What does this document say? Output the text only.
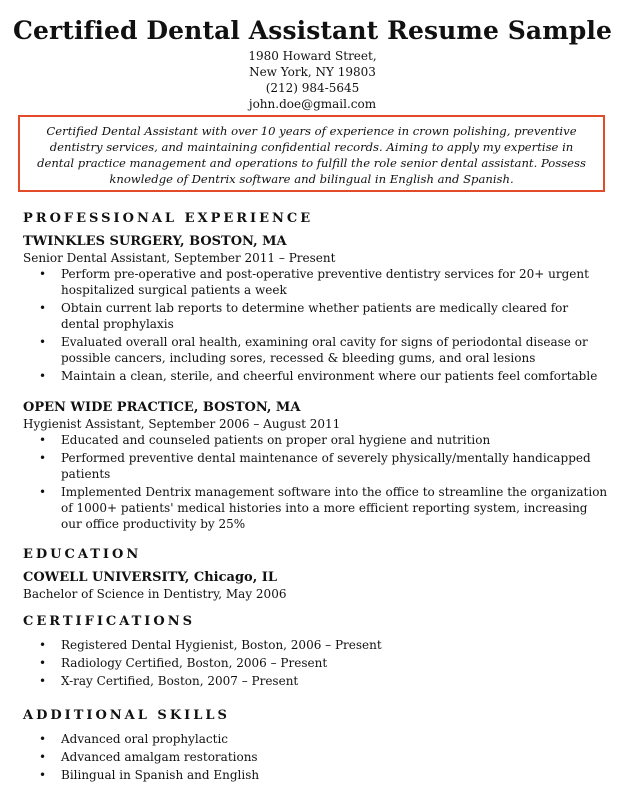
Certified Dental Assistant Resume Sample
1980 Howard Street,
New York, NY 19803
(212) 984-5645
john.doe@gmail.com
Certified Dental Assistant with over 10 years of experience in crown polishing, preventive dentistry services, and maintaining confidential records. Aiming to apply my expertise in dental practice management and operations to fulfill the role senior dental assistant. Possess knowledge of Dentrix software and bilingual in English and Spanish.
PROFESSIONAL EXPERIENCE
TWINKLES SURGERY, BOSTON, MA
Senior Dental Assistant, September 2011 – Present
• Perform pre-operative and post-operative preventive dentistry services for 20+ urgent hospitalized surgical patients a week
• Obtain current lab reports to determine whether patients are medically cleared for dental prophylaxis
• Evaluated overall oral health, examining oral cavity for signs of periodontal disease or possible cancers, including sores, recessed & bleeding gums, and oral lesions
• Maintain a clean, sterile, and cheerful environment where our patients feel comfortable
OPEN WIDE PRACTICE, BOSTON, MA
Hygienist Assistant, September 2006 – August 2011
• Educated and counseled patients on proper oral hygiene and nutrition
• Performed preventive dental maintenance of severely physically/mentally handicapped patients
• Implemented Dentrix management software into the office to streamline the organization of 1000+ patients' medical histories into a more efficient reporting system, increasing our office productivity by 25%
EDUCATION
COWELL UNIVERSITY, Chicago, IL
Bachelor of Science in Dentistry, May 2006
CERTIFICATIONS
• Registered Dental Hygienist, Boston, 2006 – Present
• Radiology Certified, Boston, 2006 – Present
• X-ray Certified, Boston, 2007 – Present
ADDITIONAL SKILLS
• Advanced oral prophylactic
• Advanced amalgam restorations
• Bilingual in Spanish and English
